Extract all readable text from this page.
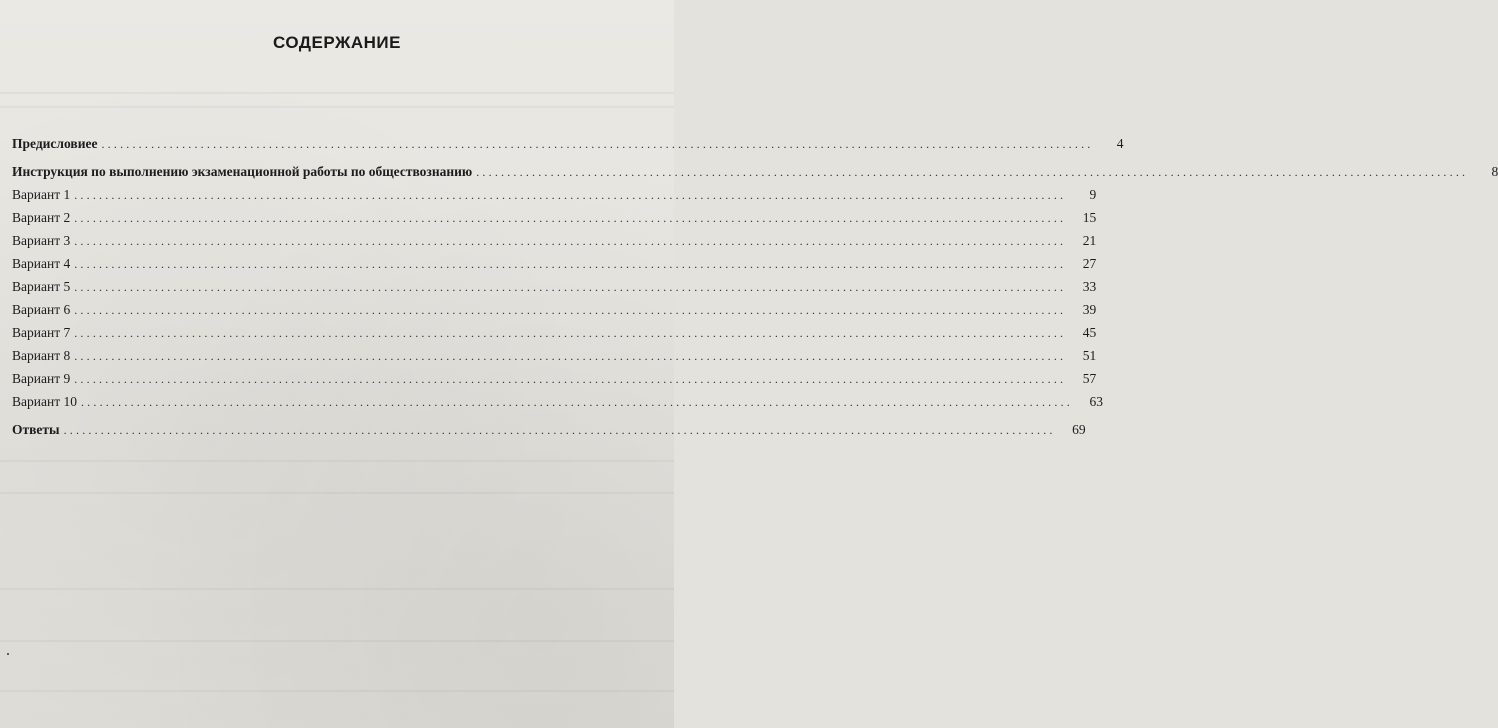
СОДЕРЖАНИЕ
Предисловиее ................................................................................................................................................................	4
Инструкция по выполнению экзаменационной работы по обществознанию ................................................................................................................................................................	8
Вариант 1 ................................................................................................................................................................	9
Вариант 2 ................................................................................................................................................................	15
Вариант 3 ................................................................................................................................................................	21
Вариант 4 ................................................................................................................................................................	27
Вариант 5 ................................................................................................................................................................	33
Вариант 6 ................................................................................................................................................................	39
Вариант 7 ................................................................................................................................................................	45
Вариант 8 ................................................................................................................................................................	51
Вариант 9 ................................................................................................................................................................	57
Вариант 10 ................................................................................................................................................................	63
Ответы ................................................................................................................................................................	69
